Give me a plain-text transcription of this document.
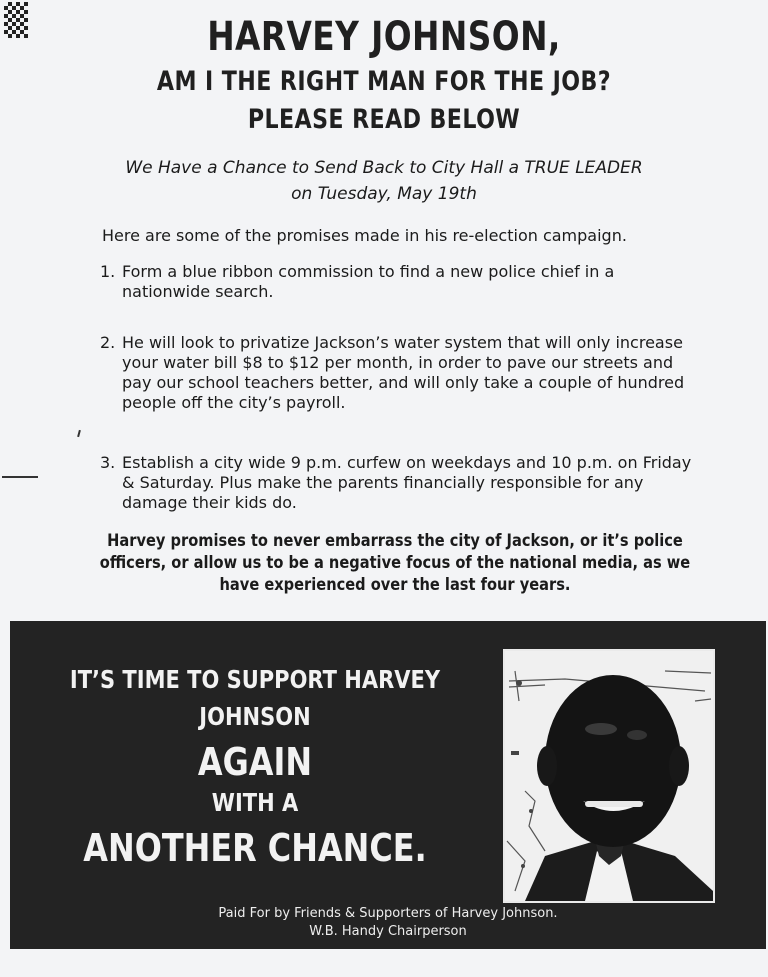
HARVEY JOHNSON,
AM I THE RIGHT MAN FOR THE JOB?
PLEASE READ BELOW

We Have a Chance to Send Back to City Hall a TRUE LEADER

on Tuesday, May 19th

Here are some of the promises made in his re-election campaign.

1. Form a blue ribbon commission to find a new police chief in a nationwide search.
2. He will look to privatize Jackson’s water system that will only increase your water bill $8 to $12 per month, in order to pave our streets and pay our school teachers better, and will only take a couple of hundred people off the city’s payroll.
3. Establish a city wide 9 p.m. curfew on weekdays and 10 p.m. on Friday & Saturday. Plus make the parents financially responsible for any damage their kids do.

Harvey promises to never embarrass the city of Jackson, or it’s police officers, or allow us to be a negative focus of the national media, as we have experienced over the last four years.

IT’S TIME TO SUPPORT HARVEY

JOHNSON

AGAIN

WITH A

ANOTHER CHANCE.

Paid For by Friends & Supporters of Harvey Johnson.

W.B. Handy Chairperson
